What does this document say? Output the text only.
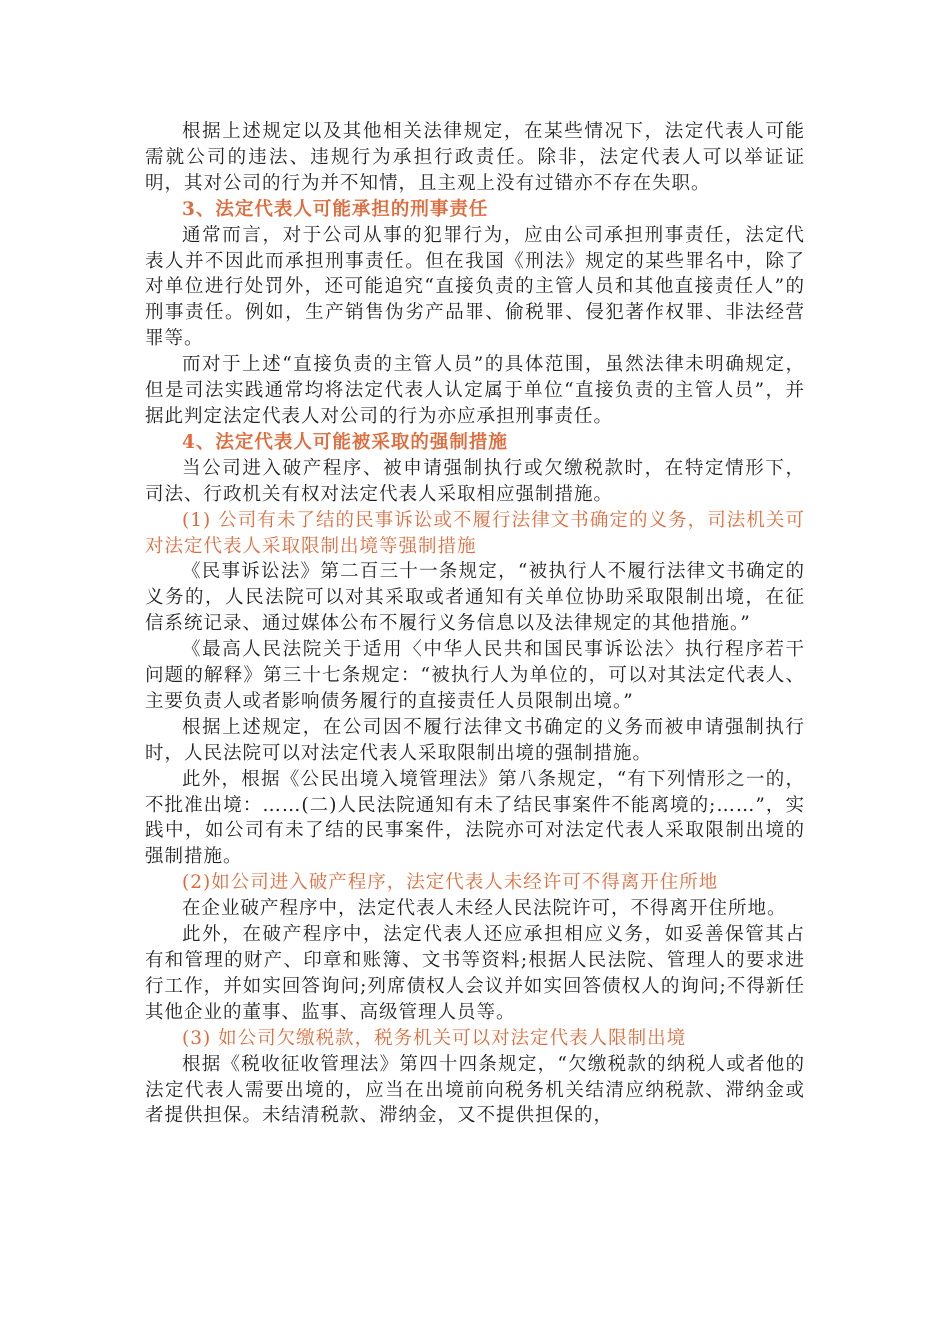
根据上述规定以及其他相关法律规定，在某些情况下，法定代表人可能需就公司的违法、违规行为承担行政责任。除非，法定代表人可以举证证明，其对公司的行为并不知情，且主观上没有过错亦不存在失职。

3、法定代表人可能承担的刑事责任

通常而言，对于公司从事的犯罪行为，应由公司承担刑事责任，法定代表人并不因此而承担刑事责任。但在我国《刑法》规定的某些罪名中，除了对单位进行处罚外，还可能追究“直接负责的主管人员和其他直接责任人”的刑事责任。例如，生产销售伪劣产品罪、偷税罪、侵犯著作权罪、非法经营罪等。

而对于上述“直接负责的主管人员”的具体范围，虽然法律未明确规定，但是司法实践通常均将法定代表人认定属于单位“直接负责的主管人员”，并据此判定法定代表人对公司的行为亦应承担刑事责任。

4、法定代表人可能被采取的强制措施

当公司进入破产程序、被申请强制执行或欠缴税款时，在特定情形下，司法、行政机关有权对法定代表人采取相应强制措施。

(1) 公司有未了结的民事诉讼或不履行法律文书确定的义务，司法机关可对法定代表人采取限制出境等强制措施

《民事诉讼法》第二百三十一条规定，“被执行人不履行法律文书确定的义务的，人民法院可以对其采取或者通知有关单位协助采取限制出境，在征信系统记录、通过媒体公布不履行义务信息以及法律规定的其他措施。”

《最高人民法院关于适用〈中华人民共和国民事诉讼法〉执行程序若干问题的解释》第三十七条规定：“被执行人为单位的，可以对其法定代表人、主要负责人或者影响债务履行的直接责任人员限制出境。”

根据上述规定，在公司因不履行法律文书确定的义务而被申请强制执行时，人民法院可以对法定代表人采取限制出境的强制措施。

此外，根据《公民出境入境管理法》第八条规定，“有下列情形之一的，不批准出境：……(二)人民法院通知有未了结民事案件不能离境的;……”，实践中，如公司有未了结的民事案件，法院亦可对法定代表人采取限制出境的强制措施。

(2)如公司进入破产程序，法定代表人未经许可不得离开住所地

在企业破产程序中，法定代表人未经人民法院许可，不得离开住所地。

此外，在破产程序中，法定代表人还应承担相应义务，如妥善保管其占有和管理的财产、印章和账簿、文书等资料;根据人民法院、管理人的要求进行工作，并如实回答询问;列席债权人会议并如实回答债权人的询问;不得新任其他企业的董事、监事、高级管理人员等。

(3) 如公司欠缴税款，税务机关可以对法定代表人限制出境

根据《税收征收管理法》第四十四条规定，“欠缴税款的纳税人或者他的法定代表人需要出境的，应当在出境前向税务机关结清应纳税款、滞纳金或者提供担保。未结清税款、滞纳金，又不提供担保的，
